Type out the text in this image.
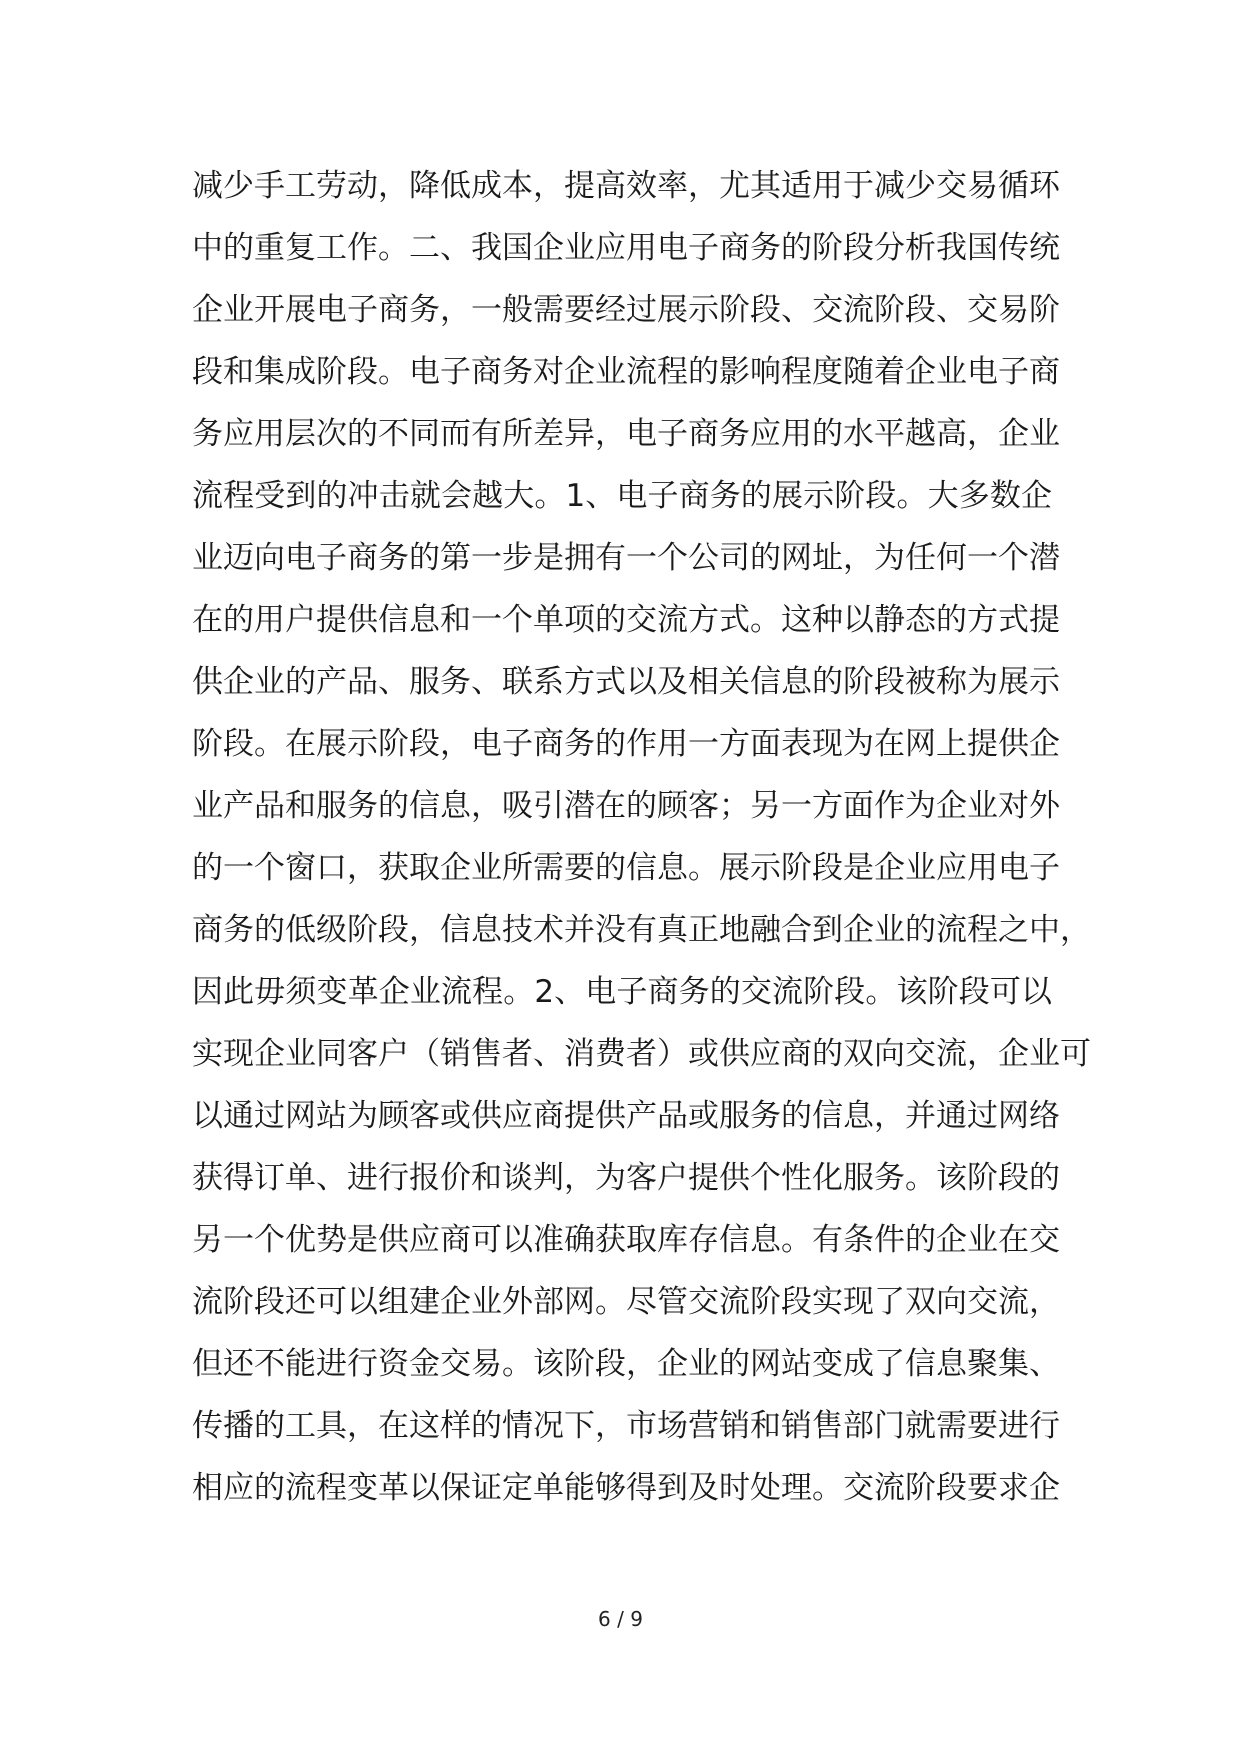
减少手工劳动，降低成本，提高效率，尤其适用于减少交易循环
中的重复工作。二、我国企业应用电子商务的阶段分析我国传统
企业开展电子商务，一般需要经过展示阶段、交流阶段、交易阶
段和集成阶段。电子商务对企业流程的影响程度随着企业电子商
务应用层次的不同而有所差异，电子商务应用的水平越高，企业
流程受到的冲击就会越大。1、电子商务的展示阶段。大多数企
业迈向电子商务的第一步是拥有一个公司的网址，为任何一个潜
在的用户提供信息和一个单项的交流方式。这种以静态的方式提
供企业的产品、服务、联系方式以及相关信息的阶段被称为展示
阶段。在展示阶段，电子商务的作用一方面表现为在网上提供企
业产品和服务的信息，吸引潜在的顾客；另一方面作为企业对外
的一个窗口，获取企业所需要的信息。展示阶段是企业应用电子
商务的低级阶段，信息技术并没有真正地融合到企业的流程之中，
因此毋须变革企业流程。2、电子商务的交流阶段。该阶段可以
实现企业同客户（销售者、消费者）或供应商的双向交流，企业可
以通过网站为顾客或供应商提供产品或服务的信息，并通过网络
获得订单、进行报价和谈判，为客户提供个性化服务。该阶段的
另一个优势是供应商可以准确获取库存信息。有条件的企业在交
流阶段还可以组建企业外部网。尽管交流阶段实现了双向交流，
但还不能进行资金交易。该阶段，企业的网站变成了信息聚集、
传播的工具，在这样的情况下，市场营销和销售部门就需要进行
相应的流程变革以保证定单能够得到及时处理。交流阶段要求企
6 / 9
